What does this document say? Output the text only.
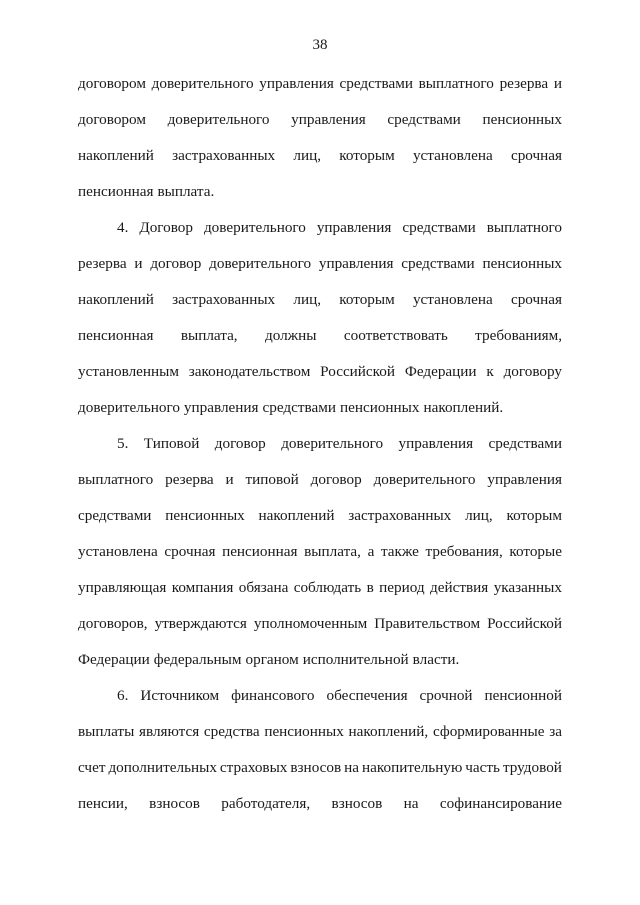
38
договором доверительного управления средствами выплатного резерва и
договором доверительного управления средствами пенсионных
накоплений застрахованных лиц, которым установлена срочная
пенсионная выплата.
4. Договор доверительного управления средствами выплатного
резерва и договор доверительного управления средствами пенсионных
накоплений застрахованных лиц, которым установлена срочная
пенсионная выплата, должны соответствовать требованиям,
установленным законодательством Российской Федерации к договору
доверительного управления средствами пенсионных накоплений.
5. Типовой договор доверительного управления средствами
выплатного резерва и типовой договор доверительного управления
средствами пенсионных накоплений застрахованных лиц, которым
установлена срочная пенсионная выплата, а также требования, которые
управляющая компания обязана соблюдать в период действия указанных
договоров, утверждаются уполномоченным Правительством Российской
Федерации федеральным органом исполнительной власти.
6. Источником финансового обеспечения срочной пенсионной
выплаты являются средства пенсионных накоплений, сформированные за
счет дополнительных страховых взносов на накопительную часть трудовой
пенсии, взносов работодателя, взносов на софинансирование
